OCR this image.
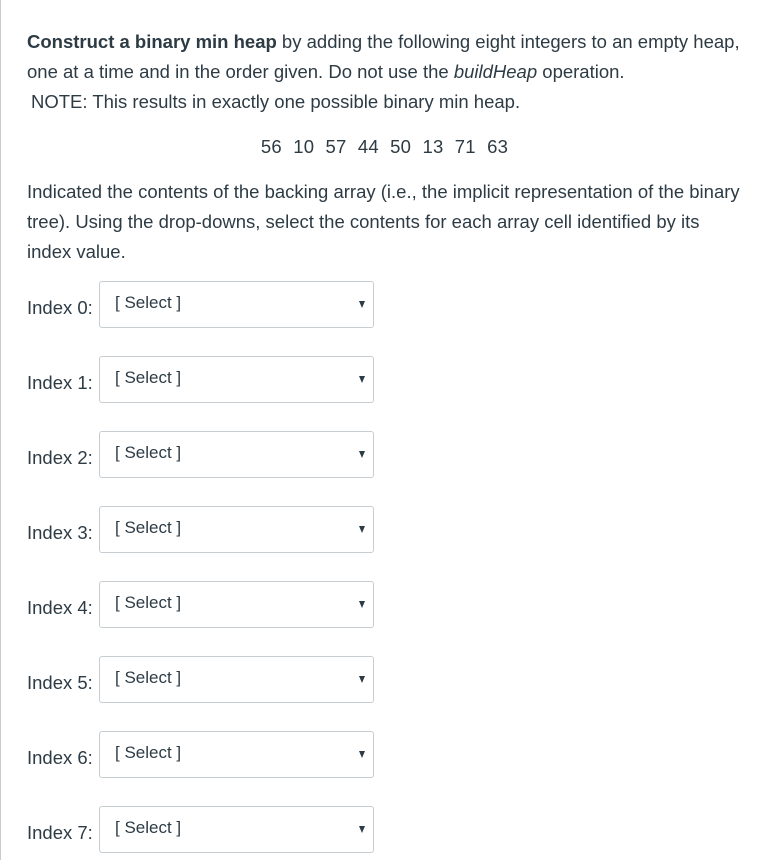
Construct a binary min heap by adding the following eight integers to an empty heap, one at a time and in the order given. Do not use the buildHeap operation.

NOTE: This results in exactly one possible binary min heap.

56 10 57 44 50 13 71 63

Indicated the contents of the backing array (i.e., the implicit representation of the binary tree). Using the drop-downs, select the contents for each array cell identified by its index value.

Index 0:	[ Select ]
Index 1:	[ Select ]
Index 2:	[ Select ]
Index 3:	[ Select ]
Index 4:	[ Select ]
Index 5:	[ Select ]
Index 6:	[ Select ]
Index 7:	[ Select ]
